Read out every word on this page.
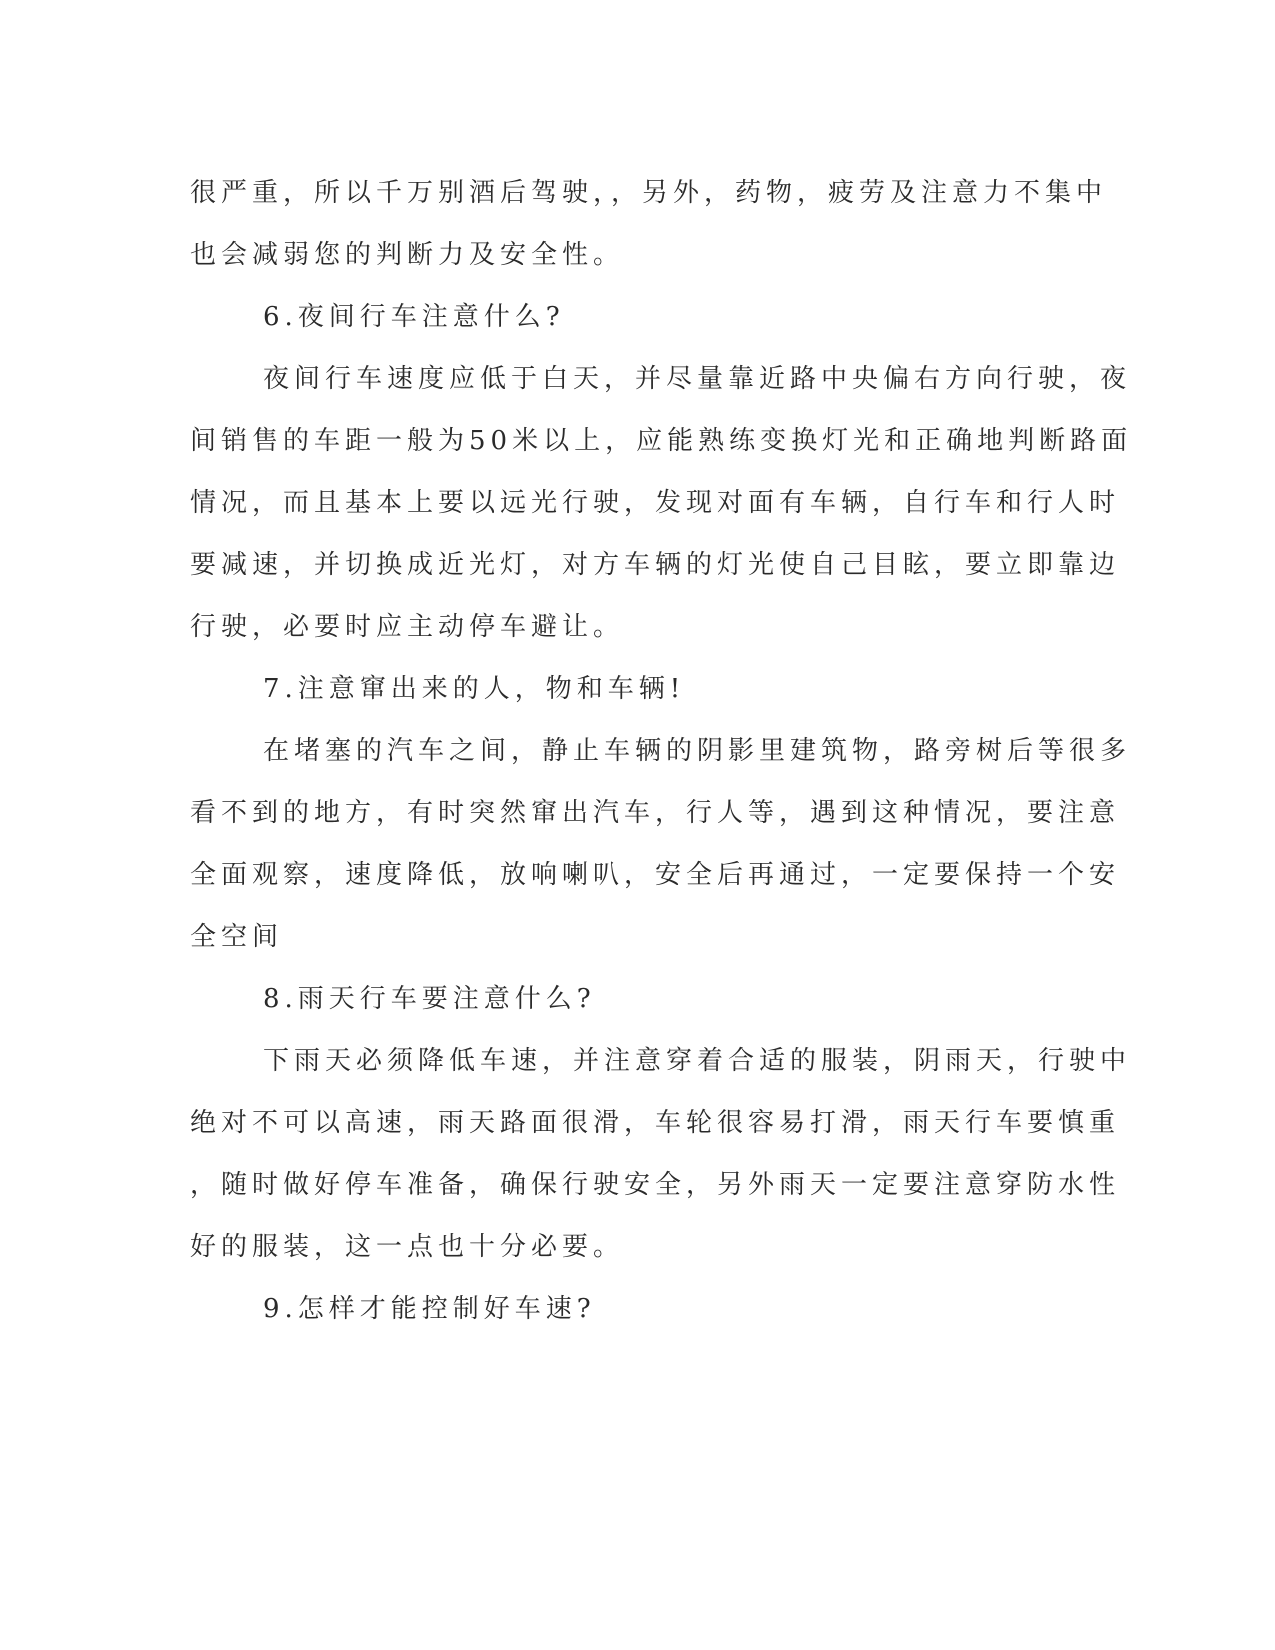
很严重，所以千万别酒后驾驶，，另外，药物，疲劳及注意力不集中
也会减弱您的判断力及安全性。
6.夜间行车注意什么?
夜间行车速度应低于白天，并尽量靠近路中央偏右方向行驶，夜
间销售的车距一般为50米以上，应能熟练变换灯光和正确地判断路面
情况，而且基本上要以远光行驶，发现对面有车辆，自行车和行人时
要减速，并切换成近光灯，对方车辆的灯光使自己目眩，要立即靠边
行驶，必要时应主动停车避让。
7.注意窜出来的人，物和车辆!
在堵塞的汽车之间，静止车辆的阴影里建筑物，路旁树后等很多
看不到的地方，有时突然窜出汽车，行人等，遇到这种情况，要注意
全面观察，速度降低，放响喇叭，安全后再通过，一定要保持一个安
全空间
8.雨天行车要注意什么?
下雨天必须降低车速，并注意穿着合适的服装，阴雨天，行驶中
绝对不可以高速，雨天路面很滑，车轮很容易打滑，雨天行车要慎重
，随时做好停车准备，确保行驶安全，另外雨天一定要注意穿防水性
好的服装，这一点也十分必要。
9.怎样才能控制好车速?
